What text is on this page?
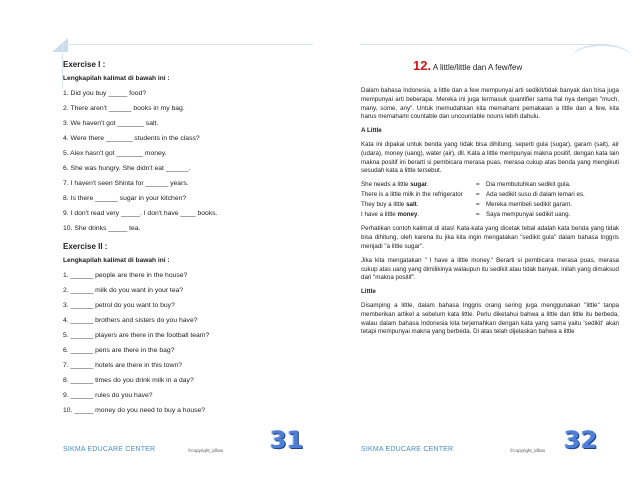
Exercise I :
Lengkapilah kalimat di bawah ini :
1. Did you buy _____ food?
2. There aren't ______ books in my bag.
3. We haven't got _______ salt.
4. Were there _______ students in the class?
5. Alex hasn't got _______ money.
6. She was hungry. She didn't eat ______.
7. I haven't seen Shinta for ______ years.
8. Is there ______ sugar in your kitchen?
9. I don't read very _____. I don't have ____ books.
10. She drinks _____ tea.
Exercise II :
Lengkapilah kalimat di bawah ini :
1. ______ people are there in the house?
2. ______ milk do you want in your tea?
3. ______ petrol do you want to buy?
4. ______ brothers and sisters do you have?
5. ______ players are there in the football team?
6. ______ pens are there in the bag?
7. ______ hotels are there in this town?
8. ______ times do you drink milk in a day?
9. ______ rules do you have?
10. _____ money do you need to buy a house?
SIKMA EDUCARE CENTER	©copyright_idhan 31
12. A little/little dan A few/few

Dalam bahasa Indonesia, a little dan a few mempunyai arti sedikit/tidak banyak dan bisa juga mempunyai arti beberapa. Mereka ini juga termasuk quantifier sama hal nya dengan "much, many, some, any". Untuk memudahkan kita memahami pemakaian a little dan a few, kita harus memahami countable dan uncountable nouns lebih dahulu.

A Little

Kata ini dipakai untuk benda yang tidak bisa dihitung, seperti gula (sugar), garam (salt), air (udara), money (uang), water (air), dll. Kata a little mempunyai makna positif, dengan kata lain makna positif ini berarti si pembicara merasa puas, merasa cukup atas benda yang mengikuti sesudah kata a little tersebut.

She needs a little sugar.	=	Dia membutuhkan sedikit gula.
There is a little milk in the refrigerator	=	Ada sedikit susu di dalam lemari es.
They buy a little salt.	=	Mereka membeli sedikit garam.
I have a little money.	=	Saya mempunyai sedikit uang.

Perhatikan contoh kalimat di atas! Kata-kata yang dicetak tebal adalah kata benda yang tidak bisa dihitung, oleh karena itu jika kita ingin mengatakan "sedikit gula" dalam bahasa Inggris menjadi "a little sugar".

Jika kita mengatakan " I have a little money." Berarti si pembicara merasa puas, merasa cukup atas uang yang dimilikinya walaupun itu sedikit atau tidak banyak. inilah yang dimaksud dari "makna positif".

Little

Disamping a little, dalam bahasa Inggris orang sering juga menggunakan "little" tanpa memberikan artikel a sebelum kata little. Perlu diketahui bahwa a little dan little itu berbeda, walau dalam bahasa Indonesia kita terjemahkan dengan kata yang sama yaitu 'sedikit' akan tetapi mempunyai makna yang berbeda. Di atas telah dijelaskan bahwa a little

SIKMA EDUCARE CENTER	©copyright_idhan 32
